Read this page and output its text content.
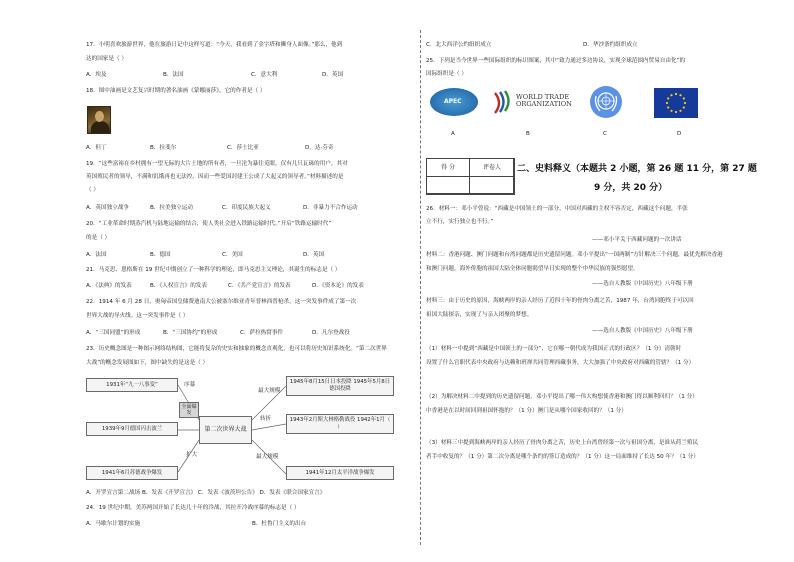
17．小明喜欢旅游世界，他在旅游日记中这样写道：“今天，我看到了金字塔和狮身人面像。”那么，他到
达的国家是（ ）
A．埃及	B．法国	C．意大利	D．英国
18．图中油画是文艺复兴时期的著名油画《蒙娜丽莎》，它的作者是（ ）
A．但丁	B．拉斐尔	C．莎士比亚	D．达·芬奇
19．“这些富裕在乡村拥有一望无际的大片土地的所有者，一旦沦为暴往觅眼，仅有几只瓦砾的用户，其对
英国殖民者的领导，不满和饥饿再也无法控，因而一些爱国封建王公成了大起义的领导者。”材料描述的是
（ ）
A．英国独立战争	B．拉美独立运动	C．印度民族大起义	D．非暴力不合作运动
20．“工业革命时期蒸汽机与陆地运输的结合，使人类社会进入铁路运输时代。”开启“铁路运输时代”
的是（ ）
A．法国	B．德国	C．美国	D．英国
21．马克思、恩格斯在 19 世纪中期创立了一种科学的理论，即马克思主义理论，其诞生的标志是（ ）
A．《法典》的发表	B．《人权宣言》的发表	C．《共产党宣言》的发表	D．《资本论》的发表
22．1914 年 6 月 28 日，奥匈帝国皇储费迪南大公被塞尔维亚青年普林西普枪杀，这一突发事件成了第一次
世界大战的导火线。这一突发事件是（ ）
A．“三国同盟”的形成	B．“三国协约”的形成	C．萨拉热窝事件	D．凡尔登战役
23．历史概念图是一种图示网络结构图，它能将复杂的史实和抽象的概念直观化，也可以将历史知识系统化。“第二次世界
大战”的概念发展图如下，图中缺失的是这是（ ）
1931年“九一八事变”
1939年9月德国闪击波兰
1941年6月苏德战争爆发
全面爆发
序幕
扩大
第二次世界大战
最大规模
转折
最大规模
1945年8月15日日本投降 1945年5月8日德国投降
1943年2月斯大林格勒战役 1942年1月（ ）
1941年12月太平洋战争爆发
A．开罗宣言第二战场 B．发表《开罗宣言》 C．发表《波茨坦公告》 D．发表《联合国家宣言》
24．19 世纪中期，美苏两国开始了长达几十年的冷战，其拉开冷战序幕的标志是（ ）
A．马歇尔计划的实施	B．杜鲁门主义的出台
C．北大西洋公约组织成立	D．华沙条约组织成立
25．下列是当今世界一些国际组织的标识图案，其中“致力通过多边协议，实现全球范围内贸易自由化”的
国际组织是（ ）
APEC
WORLD TRADE
ORGANIZATION
A	B	C	D
得 分	评卷人	二、史料释义（本题共 2 小题，第 26 题 11 分，第 27 题
9 分，共 20 分）
26．材料一：邓小平曾说：“西藏是中国领土的一部分，中国对西藏的主权不容否定，西藏这个问题，半张
立不行，实行独立也不行。”
——邓小平关于西藏问题的一次讲话
材料二：香港问题、澳门问题和台湾问题都是历史遗留问题。邓小平提出“一国两制”方针解决三个问题，最优先解决香港
和澳门问题，海外侨胞的祖国大陆全体同胞渴望早日实现的整个中华民族的强烈愿望。
——选自人教版《中国历史》八年级下册
材料三：由于历史的原因，海峡两岸的亲人经历了近四十年的骨肉分离之苦，1987 年，台湾同胞终于可以回
祖国大陆探亲，实现了与亲人团聚的梦想。
——选自人教版《中国历史》八年级下册
（1）材料一中提到“西藏是中国领土的一部分”，它在哪一朝代成为我国正式的行政区？（1 分）清朝时
设置了什么官职代表中央政府与达赖和班禅共同管理西藏事务，大大加强了中央政府对西藏的管辖？（1 分）
（2）为解决材料二中提到的历史遗留问题，邓小平提出了哪一伟大构想使香港和澳门得以顺利回归？（1 分）
中香港是在以时间回到祖国怀抱的？（1 分）澳门是从哪个国家收回的？（1 分）
（3）材料三中提到海峡两岸的亲人经历了骨肉分离之苦，历史上台湾曾经第一次与祖国分离，是谁从荷兰殖民
者手中收复的？（1 分）第二次分离是哪个条约的签订造成的？（1 分）这一局面维持了长达 50 年？（1 分）
